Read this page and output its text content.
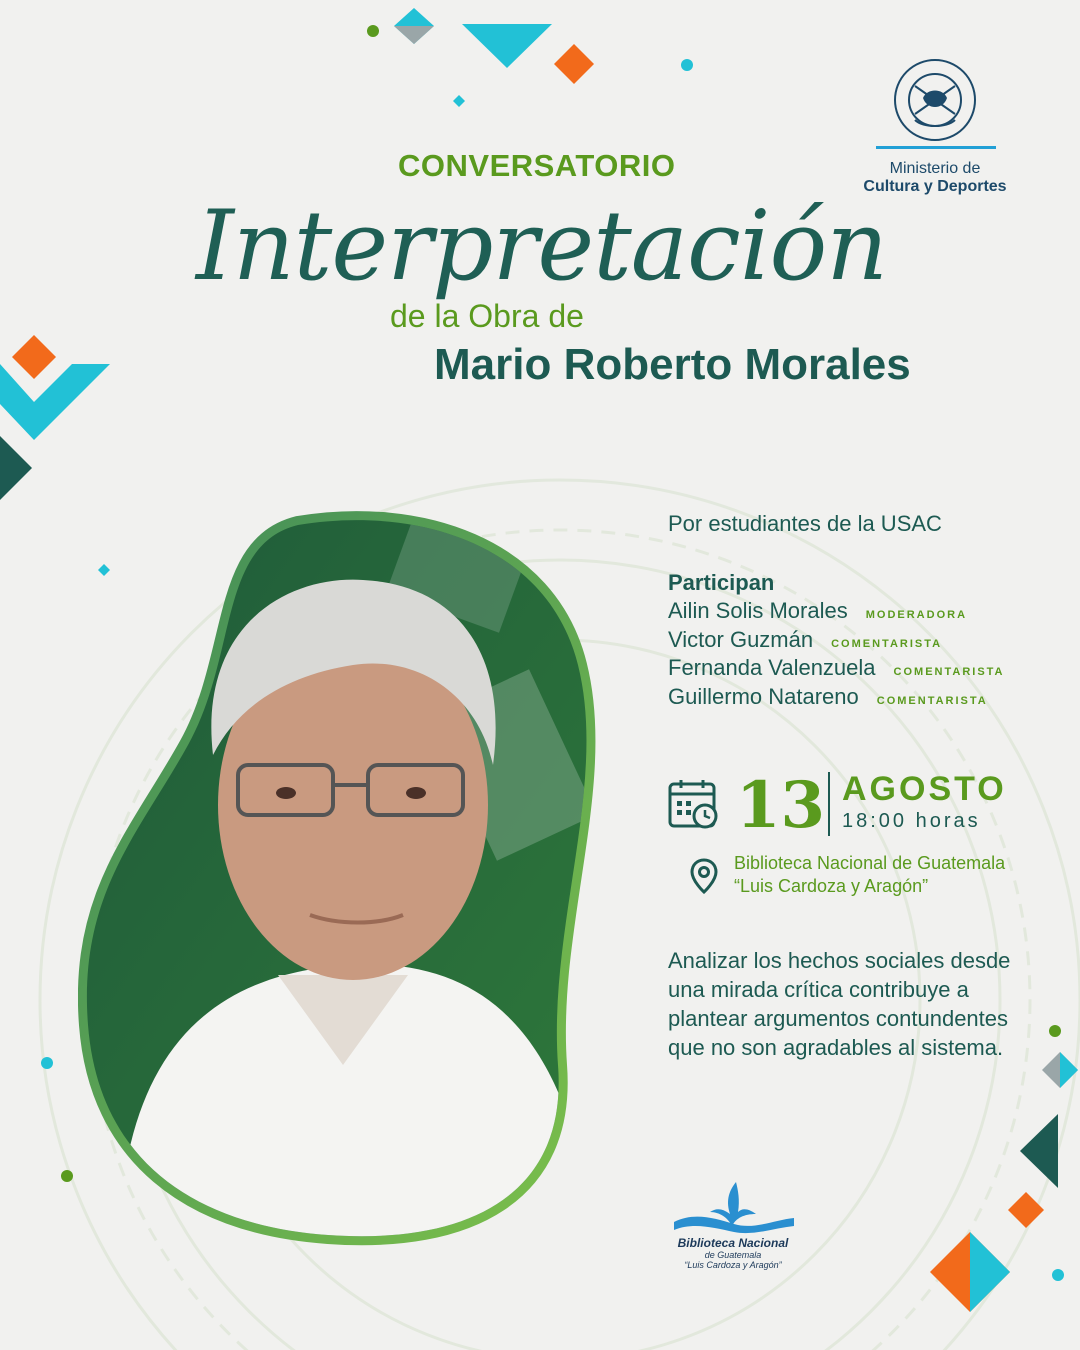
CONVERSATORIO
Interpretación
de la Obra de
Mario Roberto Morales
Ministerio de
Cultura y Deportes
Por estudiantes de la USAC
Participan
Ailin Solis Morales MODERADORA
Victor Guzmán COMENTARISTA
Fernanda Valenzuela COMENTARISTA
Guillermo Natareno COMENTARISTA
13 AGOSTO
18:00 horas
Biblioteca Nacional de Guatemala
“Luis Cardoza y Aragón”
Analizar los hechos sociales desde una mirada crítica contribuye a plantear argumentos contundentes que no son agradables al sistema.
Biblioteca Nacional
de Guatemala
“Luis Cardoza y Aragón”
